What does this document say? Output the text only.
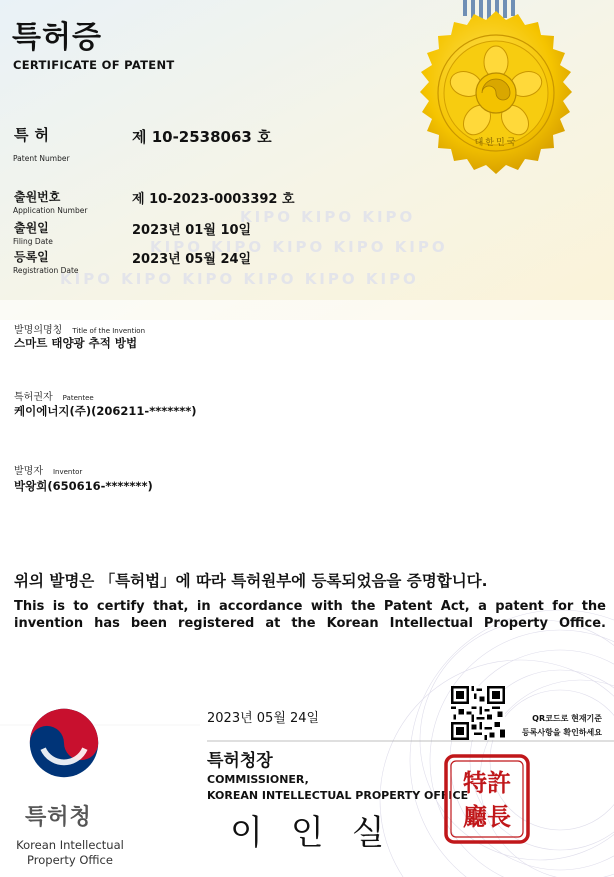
대한민국
KIPO KIPO KIPO
KIPO KIPO KIPO KIPO KIPO
KIPO KIPO KIPO KIPO KIPO KIPO
특허증
CERTIFICATE OF PATENT
특허
Patent Number
제 10-2538063 호
출원번호
Application Number
제 10-2023-0003392 호
출원일
Filing Date
2023년 01월 10일
등록일
Registration Date
2023년 05월 24일
발명의명칭 Title of the Invention
스마트 태양광 추적 방법
특허권자 Patentee
케이에너지(주)(206211-*******)
발명자 Inventor
박왕희(650616-*******)
위의 발명은 「특허법」에 따라 특허원부에 등록되었음을 증명합니다.
This is to certify that, in accordance with the Patent Act, a patent for the invention has been registered at the Korean Intellectual Property Office.
2023년 05월 24일	QR코드로 현재기준
등록사항을 확인하세요
특허청장
COMMISSIONER,
KOREAN INTELLECTUAL PROPERTY OFFICE
이인실
特許
廳長
특허청
Korean Intellectual Property Office
